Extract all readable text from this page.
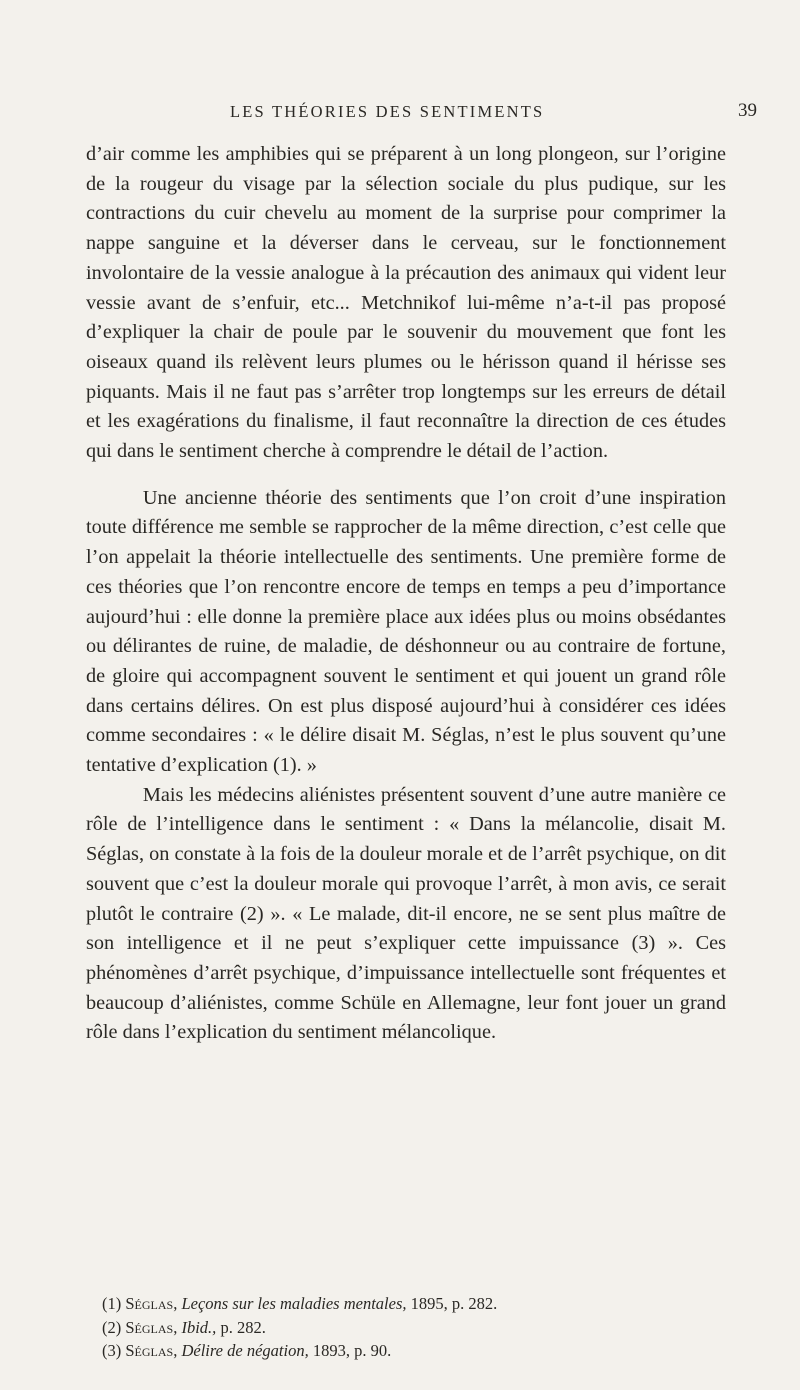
LES THÉORIES DES SENTIMENTS	39

d’air comme les amphibies qui se préparent à un long plongeon, sur l’origine de la rougeur du visage par la sélection sociale du plus pudique, sur les contractions du cuir chevelu au moment de la surprise pour comprimer la nappe sanguine et la déverser dans le cerveau, sur le fonctionnement involontaire de la vessie analogue à la précaution des animaux qui vident leur vessie avant de s’enfuir, etc... Metchnikof lui-même n’a-t-il pas proposé d’expliquer la chair de poule par le souvenir du mouvement que font les oiseaux quand ils relèvent leurs plumes ou le hérisson quand il hérisse ses piquants. Mais il ne faut pas s’arrêter trop longtemps sur les erreurs de détail et les exagérations du finalisme, il faut reconnaître la direction de ces études qui dans le sentiment cherche à comprendre le détail de l’action.

Une ancienne théorie des sentiments que l’on croit d’une inspiration toute différence me semble se rapprocher de la même direction, c’est celle que l’on appelait la théorie intellectuelle des sentiments. Une première forme de ces théories que l’on rencontre encore de temps en temps a peu d’importance aujourd’hui : elle donne la première place aux idées plus ou moins obsédantes ou délirantes de ruine, de maladie, de déshonneur ou au contraire de fortune, de gloire qui accompagnent souvent le sentiment et qui jouent un grand rôle dans certains délires. On est plus disposé aujourd’hui à considérer ces idées comme secondaires : « le délire disait M. Séglas, n’est le plus souvent qu’une tentative d’explication (1). »

Mais les médecins aliénistes présentent souvent d’une autre manière ce rôle de l’intelligence dans le sentiment : « Dans la mélancolie, disait M. Séglas, on constate à la fois de la douleur morale et de l’arrêt psychique, on dit souvent que c’est la douleur morale qui provoque l’arrêt, à mon avis, ce serait plutôt le contraire (2) ». « Le malade, dit-il encore, ne se sent plus maître de son intelligence et il ne peut s’expliquer cette impuissance (3) ». Ces phénomènes d’arrêt psychique, d’impuissance intellectuelle sont fréquentes et beaucoup d’aliénistes, comme Schüle en Allemagne, leur font jouer un grand rôle dans l’explication du sentiment mélancolique.

(1) Séglas, Leçons sur les maladies mentales, 1895, p. 282.

(2) Séglas, Ibid., p. 282.

(3) Séglas, Délire de négation, 1893, p. 90.
